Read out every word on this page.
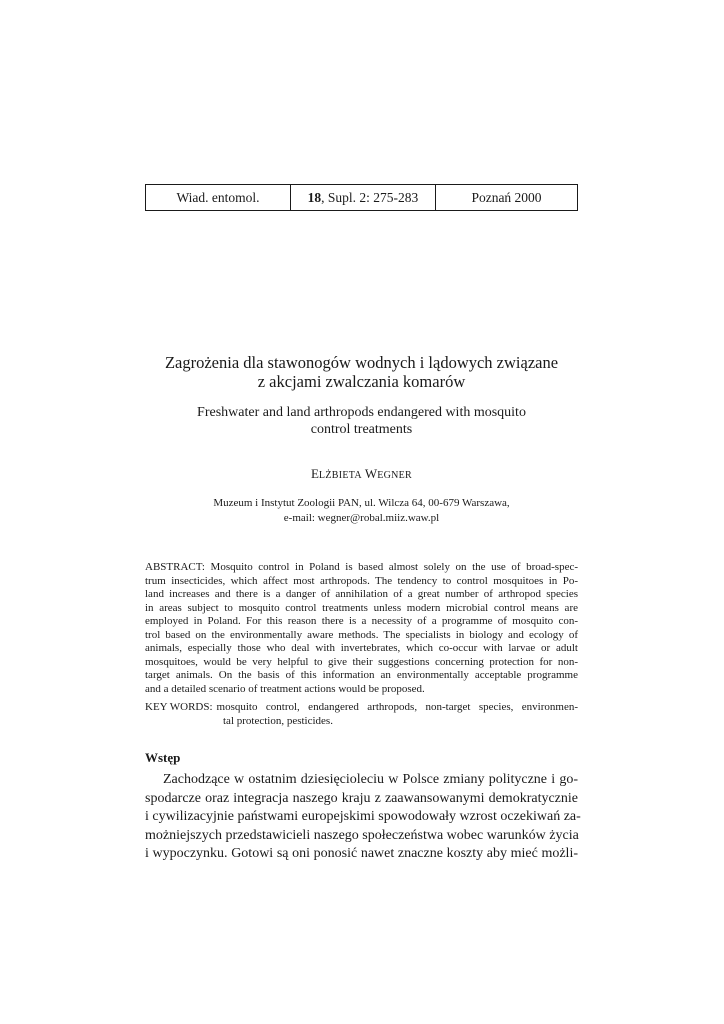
Wiad. entomol.	18 , Supl. 2: 275-283	Poznań 2000
Zagrożenia dla stawonogów wodnych i lądowych związane
z akcjami zwalczania komarów
Freshwater and land arthropods endangered with mosquito
control treatments
ELŻBIETA WEGNER
Muzeum i Instytut Zoologii PAN, ul. Wilcza 64, 00-679 Warszawa,
e-mail: wegner@robal.miiz.waw.pl
ABSTRACT: Mosquito control in Poland is based almost solely on the use of broad-spec-
trum insecticides, which affect most arthropods. The tendency to control mosquitoes in Po-
land increases and there is a danger of annihilation of a great number of arthropod species
in areas subject to mosquito control treatments unless modern microbial control means are
employed in Poland. For this reason there is a necessity of a programme of mosquito con-
trol based on the environmentally aware methods. The specialists in biology and ecology of
animals, especially those who deal with invertebrates, which co-occur with larvae or adult
mosquitoes, would be very helpful to give their suggestions concerning protection for non-
target animals. On the basis of this information an environmentally acceptable programme
and a detailed scenario of treatment actions would be proposed.
KEY WORDS: mosquito control, endangered arthropods, non-target species, environmen-
tal protection, pesticides.
Wstęp
Zachodzące w ostatnim dziesięcioleciu w Polsce zmiany polityczne i go-
spodarcze oraz integracja naszego kraju z zaawansowanymi demokratycznie
i cywilizacyjnie państwami europejskimi spowodowały wzrost oczekiwań za-
możniejszych przedstawicieli naszego społeczeństwa wobec warunków życia
i wypoczynku. Gotowi są oni ponosić nawet znaczne koszty aby mieć możli-
